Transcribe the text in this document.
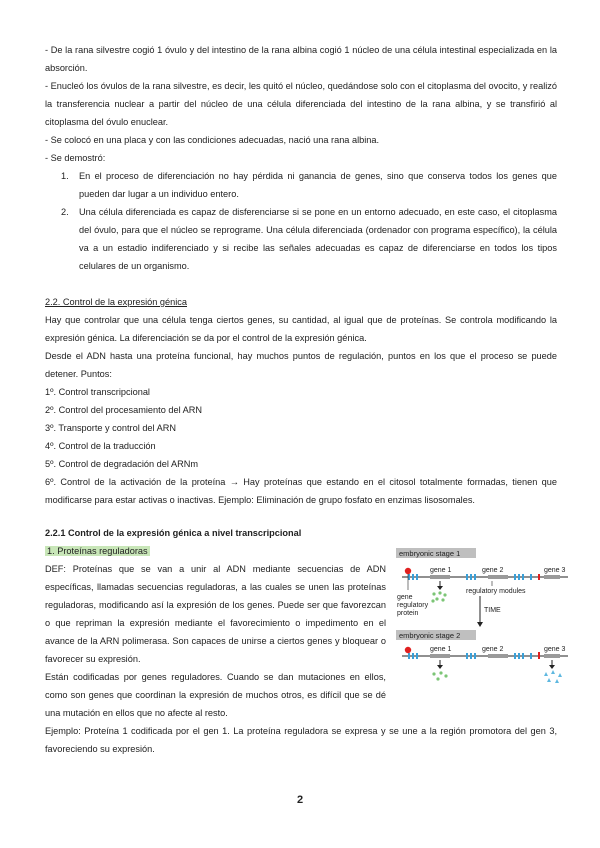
- De la rana silvestre cogió 1 óvulo y del intestino de la rana albina cogió 1 núcleo de una célula intestinal especializada en la absorción.

- Enucleó los óvulos de la rana silvestre, es decir, les quitó el núcleo, quedándose solo con el citoplasma del ovocito, y realizó la transferencia nuclear a partir del núcleo de una célula diferenciada del intestino de la rana albina, y se transfirió al citoplasma del óvulo enuclear.

- Se colocó en una placa y con las condiciones adecuadas, nació una rana albina.

- Se demostró:

1. En el proceso de diferenciación no hay pérdida ni ganancia de genes, sino que conserva todos los genes que pueden dar lugar a un individuo entero.

2. Una célula diferenciada es capaz de disferenciarse si se pone en un entorno adecuado, en este caso, el citoplasma del óvulo, para que el núcleo se reprograme. Una célula diferenciada (ordenador con programa específico), la célula va a un estadio indiferenciado y si recibe las señales adecuadas es capaz de diferenciarse en todos los tipos celulares de un organismo.

2.2. Control de la expresión génica

Hay que controlar que una célula tenga ciertos genes, su cantidad, al igual que de proteínas. Se controla modificando la expresión génica. La diferenciación se da por el control de la expresión génica.

Desde el ADN hasta una proteína funcional, hay muchos puntos de regulación, puntos en los que el proceso se puede detener. Puntos:

1º. Control transcripcional

2º. Control del procesamiento del ARN

3º. Transporte y control del ARN

4º. Control de la traducción

5º. Control de degradación del ARNm

6º. Control de la activación de la proteína → Hay proteínas que estando en el citosol totalmente formadas, tienen que modificarse para estar activas o inactivas. Ejemplo: Eliminación de grupo fosfato en enzimas lisosomales.

2.2.1 Control de la expresión génica a nivel transcripcional

1. Proteínas reguladoras

DEF: Proteínas que se van a unir al ADN mediante secuencias de ADN específicas, llamadas secuencias reguladoras, a las cuales se unen las proteínas reguladoras, modificando así la expresión de los genes. Puede ser que favorezcan o que repriman la expresión mediante el favorecimiento o impedimento en el avance de la ARN polimerasa. Son capaces de unirse a ciertos genes y bloquear o favorecer su expresión.

Están codificadas por genes reguladores. Cuando se dan mutaciones en ellos, como son genes que coordinan la expresión de muchos otros, es difícil que se dé una mutación en ellos que no afecte al resto.

Ejemplo: Proteína 1 codificada por el gen 1. La proteína reguladora se expresa y se une a la región promotora del gen 3, favoreciendo su expresión.

embryonic stage 1
gene 1	gene 2	gene 3
gene
regulatory
protein
regulatory modules
TIME
embryonic stage 2
gene 1	gene 2	gene 3
2
